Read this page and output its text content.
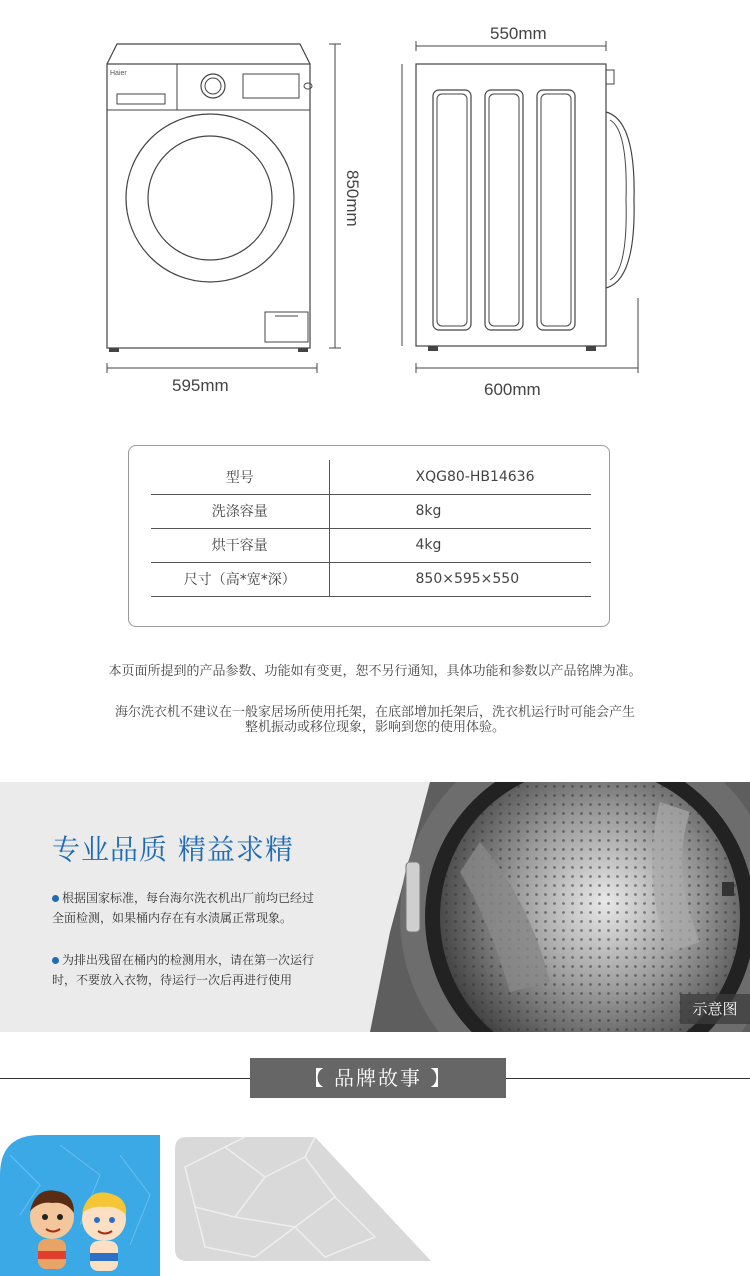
Haier
595mm
850mm
550mm
600mm
型号	XQG80-HB14636
洗涤容量	8kg
烘干容量	4kg
尺寸（高*宽*深）	850×595×550
本页面所提到的产品参数、功能如有变更，恕不另行通知，具体功能和参数以产品铭牌为准。
海尔洗衣机不建议在一般家居场所使用托架，在底部增加托架后，洗衣机运行时可能会产生
整机振动或移位现象，影响到您的使用体验。
专业品质 精益求精
根据国家标准，每台海尔洗衣机出厂前均已经过
全面检测，如果桶内存在有水渍属正常现象。
为排出残留在桶内的检测用水，请在第一次运行
时，不要放入衣物，待运行一次后再进行使用
示意图
【 品牌故事 】
